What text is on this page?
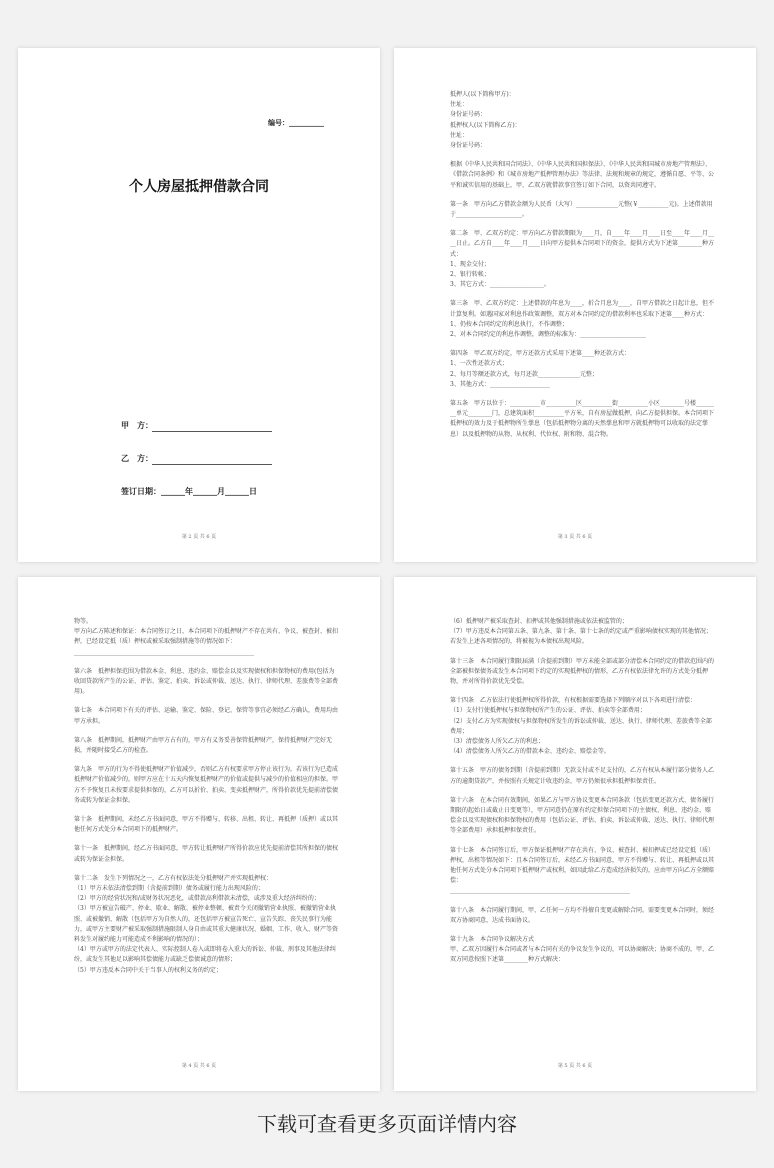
编号：__________
个人房屋抵押借款合同
甲　方：
乙　方：
签订日期：______年______月______日
第 2 页 共 6 页

抵押人(以下简称甲方)：

住址：

身份证号码：

抵押权人(以下简称乙方)：

住址：

身份证号码：

根据《中华人民共和国合同法》、《中华人民共和国担保法》、《中华人民共和国城市房地产管理法》、《借款合同条例》和《城市房地产抵押管理办法》等法律、法规和规章的规定，遵循自愿、平等、公平和诚实信用的基础上，甲、乙双方就借款事宜签订如下合同，以资共同遵守。

第一条　甲方向乙方借款金额为人民币（大写）______________元整(￥__________元)。上述借款用于______________________。

第二条　甲、乙双方约定：甲方向乙方借款期限为____月，自____年____月____日至____年____月____日止。乙方自____年____月____日向甲方提供本合同项下的资金，提供方式为下述第________种方式：

1、现金交付；

2、银行转帐；

3、其它方式：__________________。

第三条　甲、乙双方约定：上述借款的年息为____，折合月息为____，自甲方借款之日起计息，但不计算复利。如遇国家对利息作政策调整，双方对本合同约定的借款利率也采取下述第____种方式：

1、仍按本合同约定的利息执行，不作调整；

2、对本合同约定的利息作调整，调整的标准为：______________________

第四条　甲乙双方约定，甲方还款方式采用下述第____种还款方式：

1、一次性还款方式；

2、每月等额还款方式，每月还款______________元整；

3、其他方式：____________________

第五条　甲方以位于：__________市__________区__________街__________小区________号楼________单元________门，总建筑面积__________平方米，自有房屋做抵押，向乙方提供担保。本合同项下抵押权的效力及于抵押物所生孳息（包括抵押物分离的天然孳息和甲方就抵押物可以收取的法定孳息）以及抵押物的从物、从权利、代位权、附和物、混合物。

第 3 页 共 6 页

物等。

甲方向乙方陈述和保证：本合同签订之日，本合同项下的抵押财产不存在共有、争议、被查封、被扣押，已经设定抵（质）押权或被采取强制措施等的情况如下：

____________________________________________________________

第六条　抵押担保范围为借款本金、利息、违约金、赔偿金以及实现债权和担保物权的费用(包括为收回贷款所产生的公证、评估、鉴定、拍卖、诉讼或仲裁、送达、执行、律师代理、差旅费等全部费用)。

第七条　本合同项下有关的评估、运输、鉴定、保险、登记、保管等事宜必须经乙方确认，费用均由甲方承担。

第八条　抵押期间，抵押财产由甲方占有的，甲方有义务妥善保管抵押财产，保持抵押财产完好无损，并随时接受乙方的检查。

第九条　甲方的行为不得使抵押财产价值减少，否则乙方有权要求甲方停止该行为。若该行为已造成抵押财产价值减少的，则甲方应在十五天内恢复抵押财产的价值或提供与减少的价值相应的担保。甲方不予恢复且未按要求提供担保的，乙方可以折价、拍卖、变卖抵押财产，所得价款优先提前清偿债务或转为保证金担保。

第十条　抵押期间，未经乙方书面同意，甲方不得赠与、转移、出租、转让、再抵押（质押）或以其他任何方式处分本合同项下的抵押财产。

第十一条　抵押期间，经乙方书面同意，甲方转让抵押财产所得价款应优先提前清偿其所担保的债权或转为保证金担保。

第十二条　发生下列情况之一，乙方有权依法处分抵押财产并实现抵押权：

（1）甲方未依法清偿到期（含提前到期）债务或履行能力出现风险的；

（2）甲方的经营状况和/或财务状况恶化，或借款高利借款未清偿，或涉及重大经济纠纷的；

（3）甲方被宣告破产、停业、歇业、解散、被停业整顿、被责令关闭撤销营业执照、被撤销营业执照、或被撤销、解散（包括甲方为自然人的，还包括甲方被宣告死亡、宣告失踪、丧失民事行为能力，或甲方主要财产被采取强制措施限制人身自由或其重大健康状况、婚姻、工作、收入、财产等资料发生对履约能力可能造成不利影响的情况的）；

（4）甲方或甲方的法定代表人、实际控制人卷入或即将卷入重大的诉讼、仲裁、刑事及其他法律纠纷，或发生其他足以影响其偿债能力或缺乏偿债诚意的情形；

（5）甲方违反本合同中关于当事人的权利义务的约定；

第 4 页 共 6 页

（6）抵押财产被采取查封、扣押或其他强制措施或依法被监管的；

（7）甲方违反本合同第五条、第九条、第十条、第十七条的约定或严重影响债权实现的其他情况；

若发生上述各项情况的，将被视为本债权出现风险。

第十三条　本合同履行期限届满（含提前到期）甲方未能全部或部分清偿本合同约定的借款范围内的全部被担保债务或发生本合同项下约定的实现抵押权的情形，乙方有权依法律允许的方式处分抵押物，并对所得价款优先受偿。

第十四条　乙方依法行使抵押权所得价款，有权根据需要选择下列顺序对以下各项进行清偿：

（1）支付行使抵押权与担保物权所产生的公证、评估、拍卖等全部费用；

（2）支付乙方为实现债权与担保物权所发生的诉讼或仲裁、送达、执行、律师代理、差旅费等全部费用；

（3）清偿债务人所欠乙方的利息；

（4）清偿债务人所欠乙方的借款本金、违约金、赔偿金等。

第十五条　甲方的债务到期（含提前到期）无款支付或不足支付的，乙方有权从本履行部分债务人乙方的逾期贷款产，并按照有关规定计收违约金，甲方仍须很承担抵押担保责任。

第十六条　在本合同有效期间，如果乙方与甲方协议变更本合同条款（包括变更还款方式、债务履行期限的起始日或截止日变更等），甲方同意仍在原有约定担保合同项下的主债权、利息、违约金、赔偿金以及实现债权和担保物权的费用（包括公证、评估、拍卖、诉讼或仲裁、送达、执行、律师代理等全部费用）承担抵押担保责任。

第十七条　本合同签订后，甲方保证抵押财产存在共有、争议、被查封、被扣押或已经设定抵（质）押权，出租等情况如下：且本合同签订后，未经乙方书面同意，甲方不得赠与、转让、再抵押或以其他任何方式处分本合同项下抵押财产或权利，如因此给乙方造成经济损失的，应由甲方向乙方全额赔偿：

____________________________________________________________

第十八条　本合同履行期间，甲、乙任何一方均不得擅自变更或解除合同。需要变更本合同时，须经双方协商同意，达成书面协议。

第十九条　本合同争议解决方式

甲、乙双方因履行本合同或者与本合同有关的争议发生争议的，可以协商解决；协商不成的，甲、乙双方同意按照下述第________种方式解决：

第 5 页 共 6 页
下载可查看更多页面详情内容
